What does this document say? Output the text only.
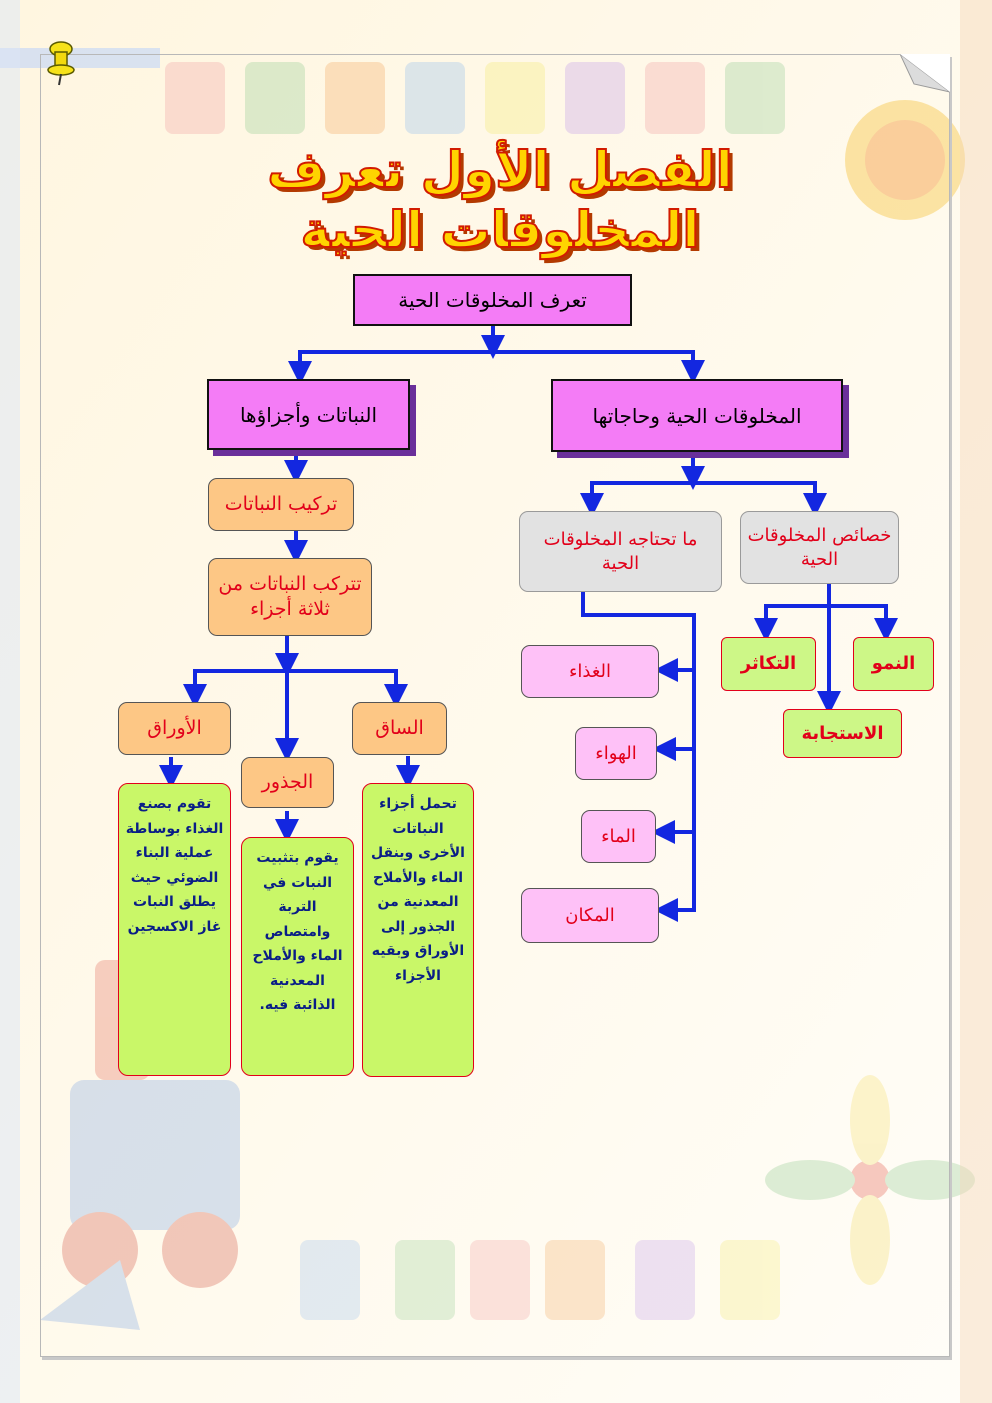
الفصل الأول تعرف المخلوقات الحية
تعرف المخلوقات الحية
النباتات وأجزاؤها	المخلوقات الحية وحاجاتها
تركيب النباتات
تتركب النباتات من ثلاثة أجزاء
الأوراق
الجذور
الساق
تقوم بصنع الغذاء بوساطة عملية البناء الضوئي حيث يطلق النبات غاز الاكسجين
يقوم بتثبيت النبات في التربة وامتصاص الماء والأملاح المعدنية الذائبة فيه.
تحمل أجزاء النباتات الأخرى وينقل الماء والأملاح المعدنية من الجذور إلى الأوراق وبقيه الأجزاء
ما تحتاجه المخلوقات الحية
خصائص المخلوقات الحية
الغذاء
الهواء
الماء
المكان
النمو
التكاثر
الاستجابة
